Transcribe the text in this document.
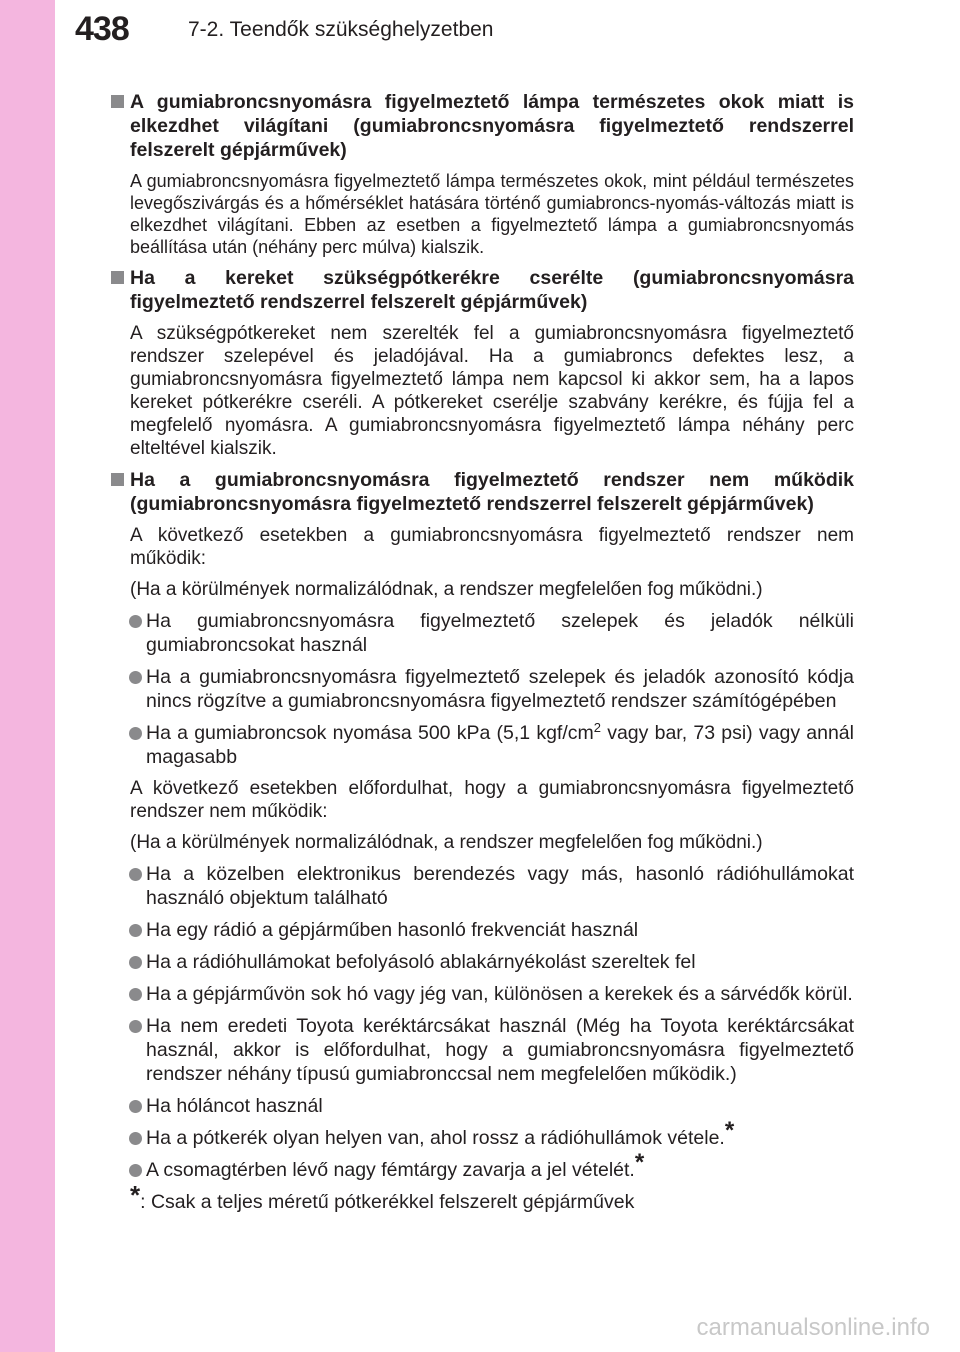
438	7-2. Teendők szükséghelyzetben
A gumiabroncsnyomásra figyelmeztető lámpa természetes okok miatt is elkezdhet világítani (gumiabroncsnyomásra figyelmeztető rendszerrel felszerelt gépjárművek)
A gumiabroncsnyomásra figyelmeztető lámpa természetes okok, mint például természetes levegőszivárgás és a hőmérséklet hatására történő gumiabroncs-nyomás-változás miatt is elkezdhet világítani. Ebben az esetben a figyelmeztető lámpa a gumiabroncsnyomás beállítása után (néhány perc múlva) kialszik.
Ha a kereket szükségpótkerékre cserélte (gumiabroncsnyomásra figyelmeztető rendszerrel felszerelt gépjárművek)
A szükségpótkereket nem szerelték fel a gumiabroncsnyomásra figyelmeztető rendszer szelepével és jeladójával. Ha a gumiabroncs defektes lesz, a gumiabroncsnyomásra figyelmeztető lámpa nem kapcsol ki akkor sem, ha a lapos kereket pótkerékre cseréli. A pótkereket cserélje szabvány kerékre, és fújja fel a megfelelő nyomásra. A gumiabroncsnyomásra figyelmeztető lámpa néhány perc elteltével kialszik.
Ha a gumiabroncsnyomásra figyelmeztető rendszer nem működik (gumiabroncsnyomásra figyelmeztető rendszerrel felszerelt gépjárművek)
A következő esetekben a gumiabroncsnyomásra figyelmeztető rendszer nem működik:
(Ha a körülmények normalizálódnak, a rendszer megfelelően fog működni.)
Ha gumiabroncsnyomásra figyelmeztető szelepek és jeladók nélküli gumiabroncsokat használ
Ha a gumiabroncsnyomásra figyelmeztető szelepek és jeladók azonosító kódja nincs rögzítve a gumiabroncsnyomásra figyelmeztető rendszer számítógépében
Ha a gumiabroncsok nyomása 500 kPa (5,1 kgf/$cm^2$ vagy bar, 73 psi) vagy annál magasabb
A következő esetekben előfordulhat, hogy a gumiabroncsnyomásra figyelmeztető rendszer nem működik:
(Ha a körülmények normalizálódnak, a rendszer megfelelően fog működni.)
Ha a közelben elektronikus berendezés vagy más, hasonló rádióhullámokat használó objektum található
Ha egy rádió a gépjárműben hasonló frekvenciát használ
Ha a rádióhullámokat befolyásoló ablakárnyékolást szereltek fel
Ha a gépjárművön sok hó vagy jég van, különösen a kerekek és a sárvédők körül.
Ha nem eredeti Toyota keréktárcsákat használ (Még ha Toyota keréktárcsákat használ, akkor is előfordulhat, hogy a gumiabroncsnyomásra figyelmeztető rendszer néhány típusú gumiabronccsal nem megfelelően működik.)
Ha hóláncot használ
Ha a pótkerék olyan helyen van, ahol rossz a rádióhullámok vétele.*
A csomagtérben lévő nagy fémtárgy zavarja a jel vételét.*
*: Csak a teljes méretű pótkerékkel felszerelt gépjárművek
carmanualsonline.info
